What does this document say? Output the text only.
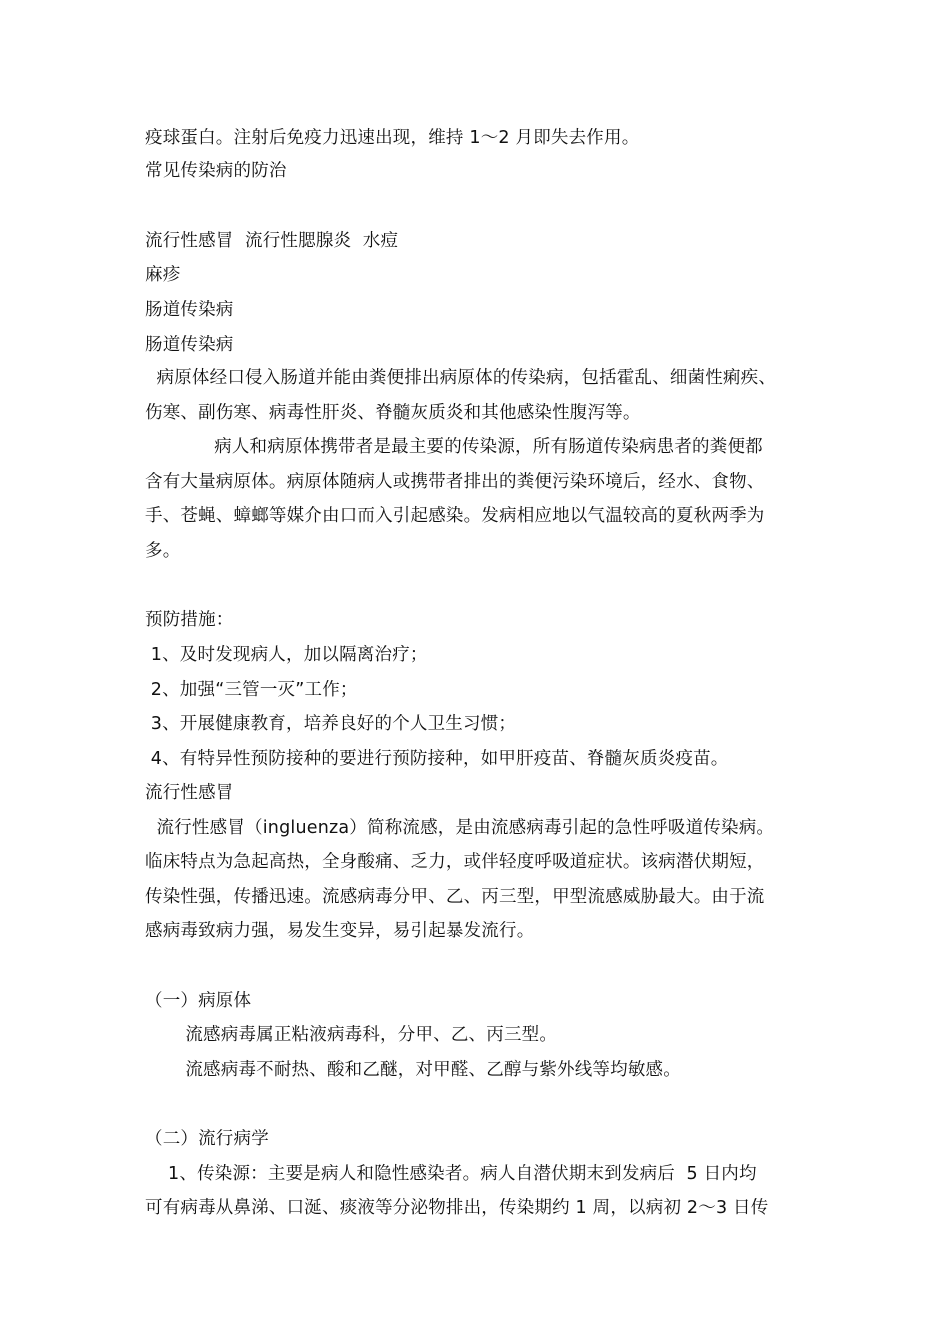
疫球蛋白。注射后免疫力迅速出现，维持 1～2 月即失去作用。
常见传染病的防治
流行性感冒  流行性腮腺炎  水痘
麻疹
肠道传染病
肠道传染病
病原体经口侵入肠道并能由粪便排出病原体的传染病，包括霍乱、细菌性痢疾、
伤寒、副伤寒、病毒性肝炎、脊髓灰质炎和其他感染性腹泻等。
病人和病原体携带者是最主要的传染源，所有肠道传染病患者的粪便都
含有大量病原体。病原体随病人或携带者排出的粪便污染环境后，经水、食物、
手、苍蝇、蟑螂等媒介由口而入引起感染。发病相应地以气温较高的夏秋两季为
多。
预防措施：
1、及时发现病人，加以隔离治疗；
2、加强“三管一灭”工作；
3、开展健康教育，培养良好的个人卫生习惯；
4、有特异性预防接种的要进行预防接种，如甲肝疫苗、脊髓灰质炎疫苗。
流行性感冒
流行性感冒（ingluenza）简称流感，是由流感病毒引起的急性呼吸道传染病。
临床特点为急起高热，全身酸痛、乏力，或伴轻度呼吸道症状。该病潜伏期短，
传染性强，传播迅速。流感病毒分甲、乙、丙三型，甲型流感威胁最大。由于流
感病毒致病力强，易发生变异，易引起暴发流行。
（一）病原体
流感病毒属正粘液病毒科，分甲、乙、丙三型。
流感病毒不耐热、酸和乙醚，对甲醛、乙醇与紫外线等均敏感。
（二）流行病学
1、传染源：主要是病人和隐性感染者。病人自潜伏期末到发病后  5 日内均
可有病毒从鼻涕、口涎、痰液等分泌物排出，传染期约 1 周，以病初 2～3 日传
